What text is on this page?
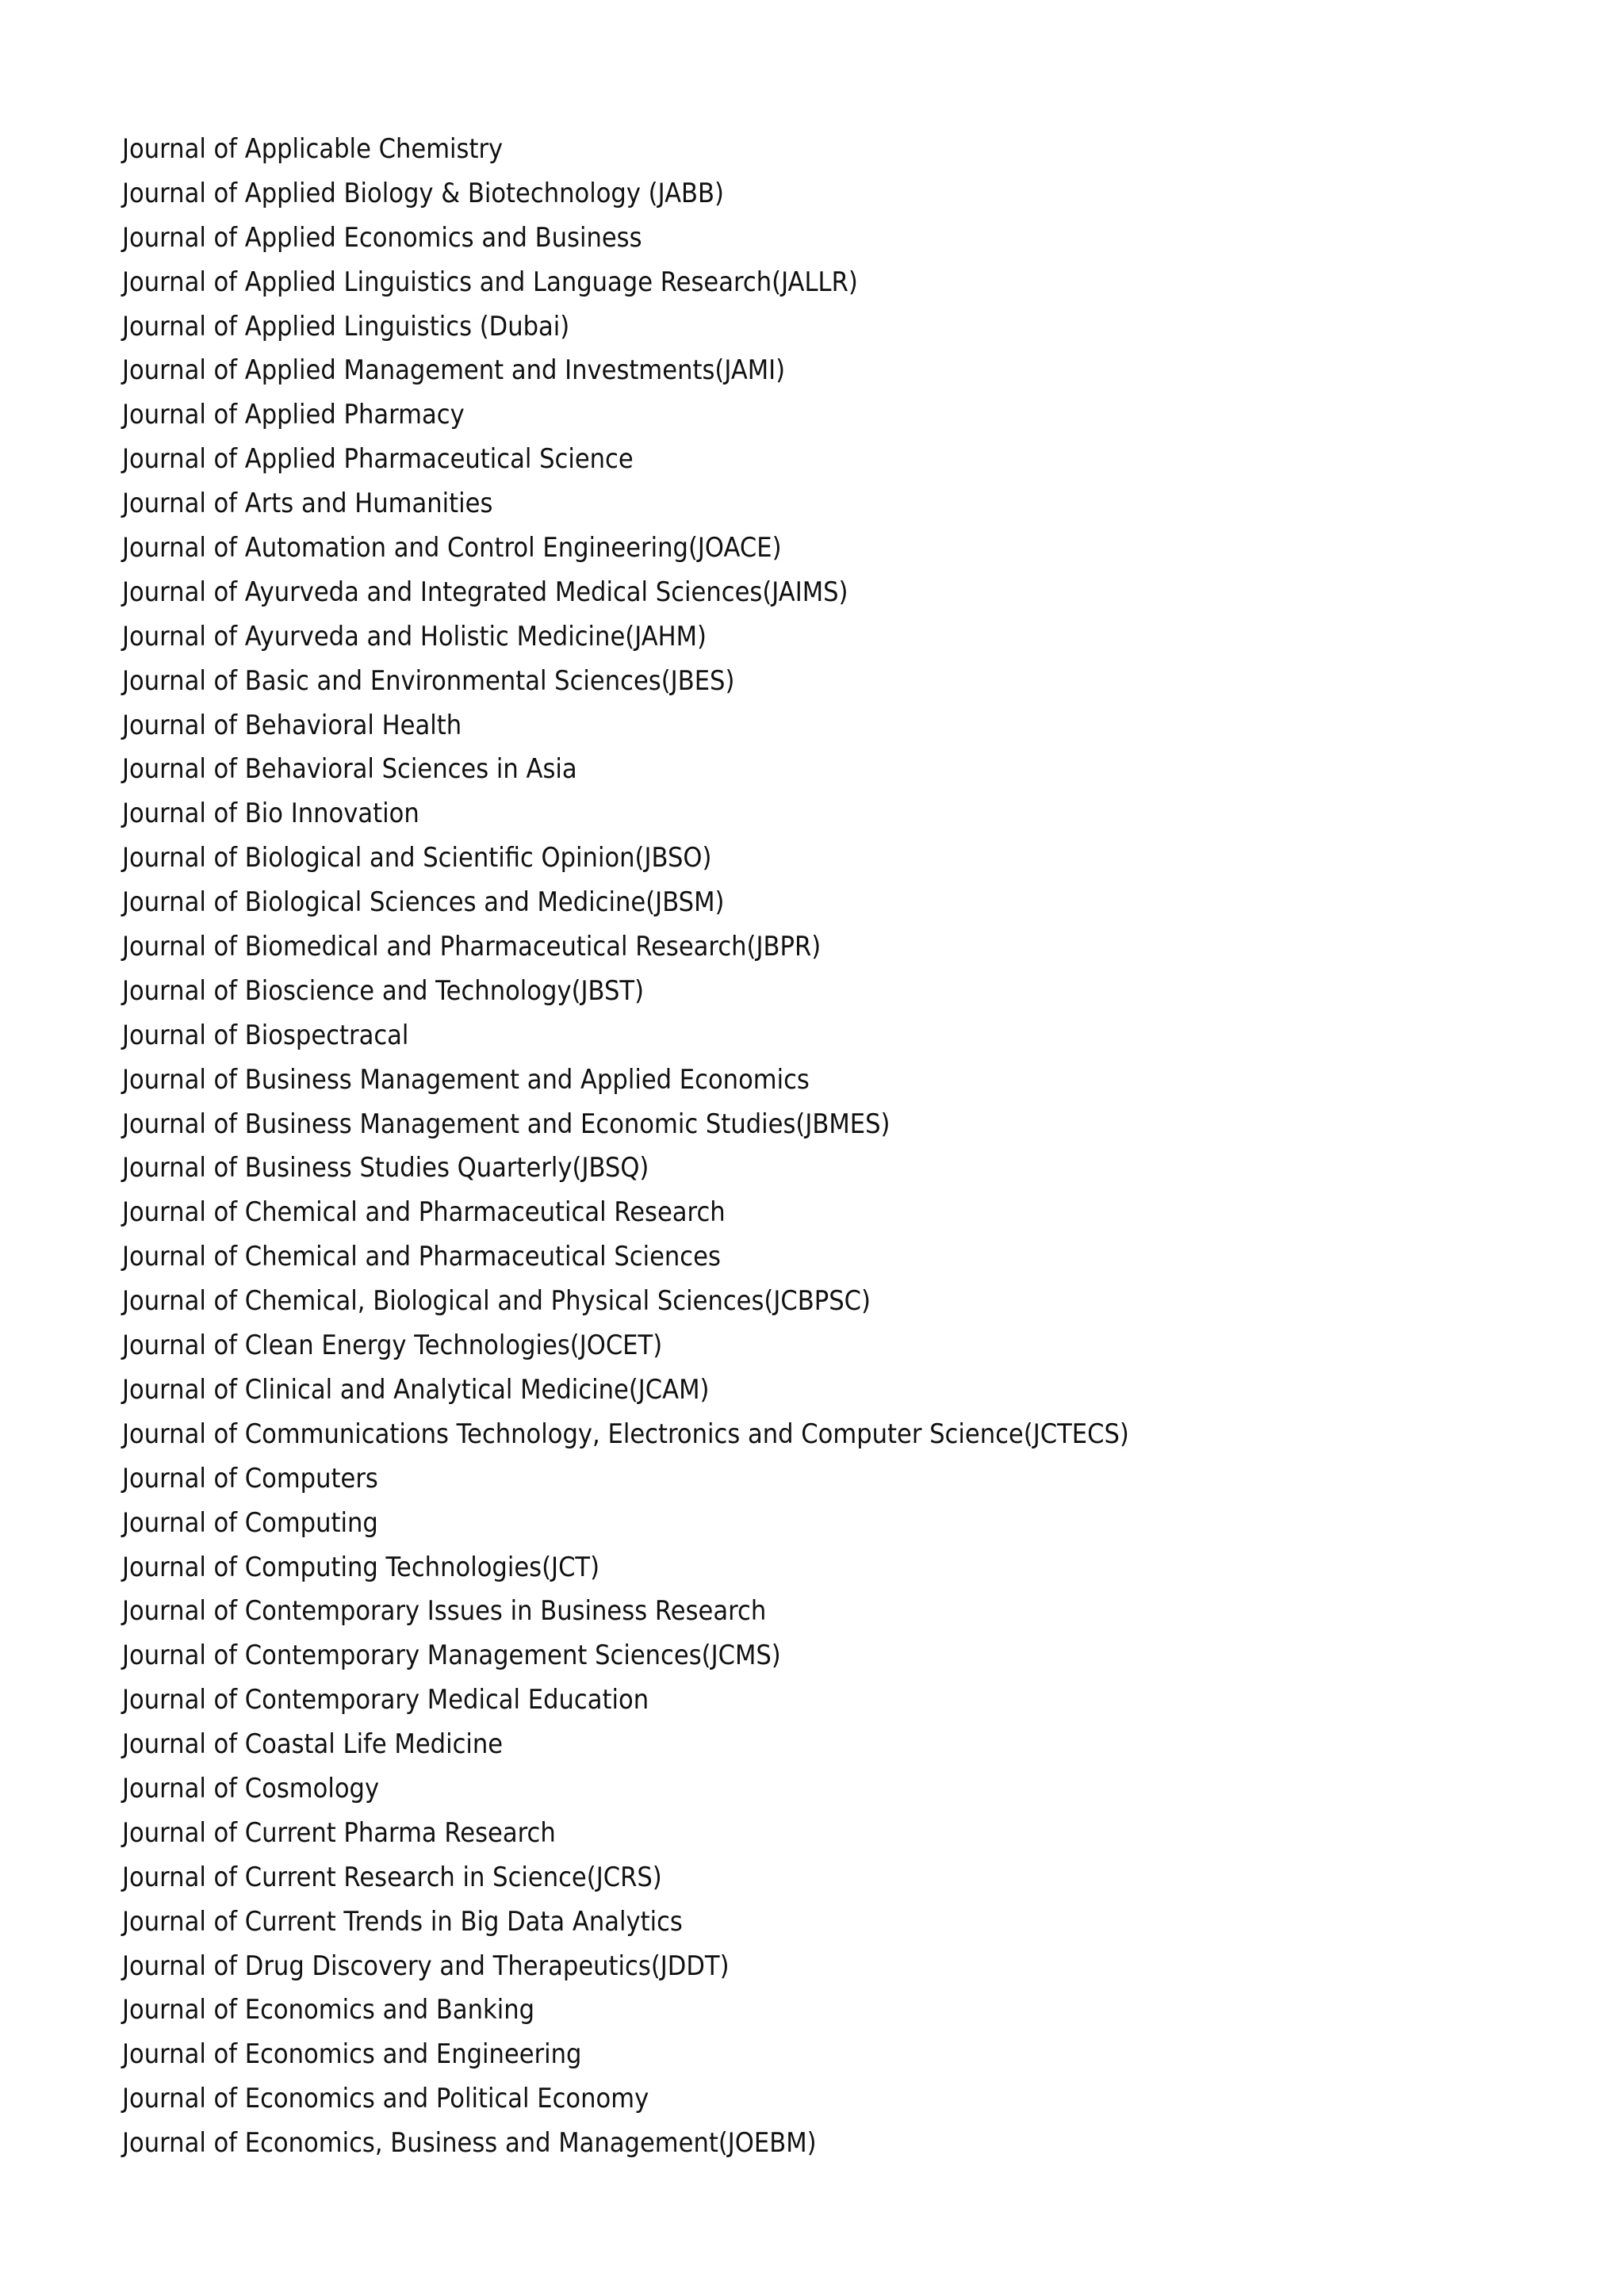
Journal of Applicable Chemistry
Journal of Applied Biology & Biotechnology (JABB)
Journal of Applied Economics and Business
Journal of Applied Linguistics and Language Research(JALLR)
Journal of Applied Linguistics (Dubai)
Journal of Applied Management and Investments(JAMI)
Journal of Applied Pharmacy
Journal of Applied Pharmaceutical Science
Journal of Arts and Humanities
Journal of Automation and Control Engineering(JOACE)
Journal of Ayurveda and Integrated Medical Sciences(JAIMS)
Journal of Ayurveda and Holistic Medicine(JAHM)
Journal of Basic and Environmental Sciences(JBES)
Journal of Behavioral Health
Journal of Behavioral Sciences in Asia
Journal of Bio Innovation
Journal of Biological and Scientific Opinion(JBSO)
Journal of Biological Sciences and Medicine(JBSM)
Journal of Biomedical and Pharmaceutical Research(JBPR)
Journal of Bioscience and Technology(JBST)
Journal of Biospectracal
Journal of Business Management and Applied Economics
Journal of Business Management and Economic Studies(JBMES)
Journal of Business Studies Quarterly(JBSQ)
Journal of Chemical and Pharmaceutical Research
Journal of Chemical and Pharmaceutical Sciences
Journal of Chemical, Biological and Physical Sciences(JCBPSC)
Journal of Clean Energy Technologies(JOCET)
Journal of Clinical and Analytical Medicine(JCAM)
Journal of Communications Technology, Electronics and Computer Science(JCTECS)
Journal of Computers
Journal of Computing
Journal of Computing Technologies(JCT)
Journal of Contemporary Issues in Business Research
Journal of Contemporary Management Sciences(JCMS)
Journal of Contemporary Medical Education
Journal of Coastal Life Medicine
Journal of Cosmology
Journal of Current Pharma Research
Journal of Current Research in Science(JCRS)
Journal of Current Trends in Big Data Analytics
Journal of Drug Discovery and Therapeutics(JDDT)
Journal of Economics and Banking
Journal of Economics and Engineering
Journal of Economics and Political Economy
Journal of Economics, Business and Management(JOEBM)
